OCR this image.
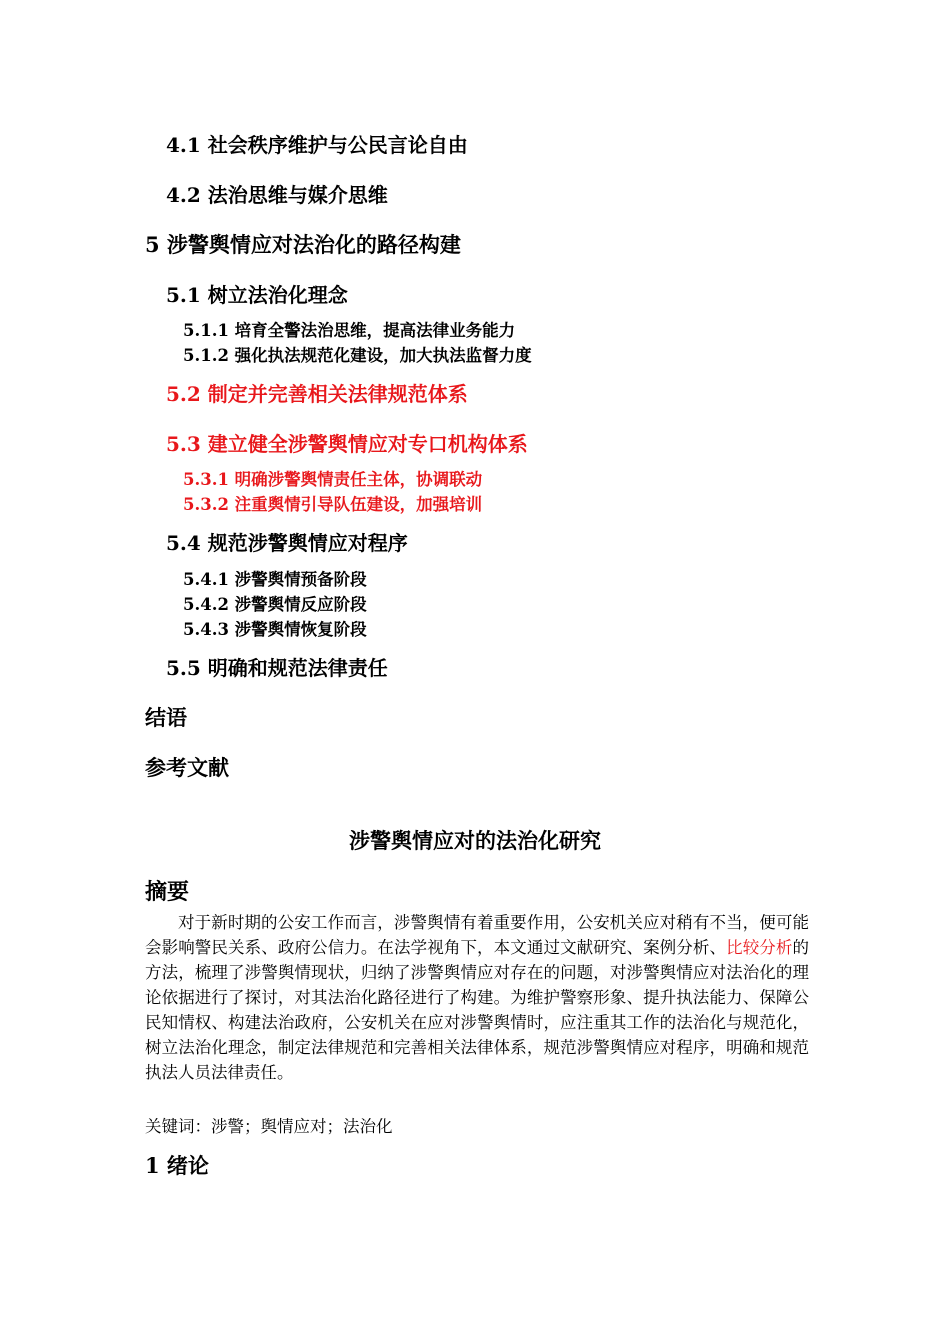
4.1 社会秩序维护与公民言论自由
4.2 法治思维与媒介思维
5 涉警舆情应对法治化的路径构建
5.1 树立法治化理念
5.1.1 培育全警法治思维，提高法律业务能力
5.1.2 强化执法规范化建设，加大执法监督力度
5.2 制定并完善相关法律规范体系
5.3 建立健全涉警舆情应对专口机构体系
5.3.1 明确涉警舆情责任主体，协调联动
5.3.2 注重舆情引导队伍建设，加强培训
5.4 规范涉警舆情应对程序
5.4.1 涉警舆情预备阶段
5.4.2 涉警舆情反应阶段
5.4.3 涉警舆情恢复阶段
5.5 明确和规范法律责任
结语
参考文献
涉警舆情应对的法治化研究
摘要

对于新时期的公安工作而言，涉警舆情有着重要作用，公安机关应对稍有不当，便可能会影响警民关系、政府公信力。在法学视角下，本文通过文献研究、案例分析、比较分析的方法，梳理了涉警舆情现状，归纳了涉警舆情应对存在的问题，对涉警舆情应对法治化的理论依据进行了探讨，对其法治化路径进行了构建。为维护警察形象、提升执法能力、保障公民知情权、构建法治政府，公安机关在应对涉警舆情时，应注重其工作的法治化与规范化，树立法治化理念，制定法律规范和完善相关法律体系，规范涉警舆情应对程序，明确和规范执法人员法律责任。

关键词：涉警；舆情应对；法治化
1 绪论
